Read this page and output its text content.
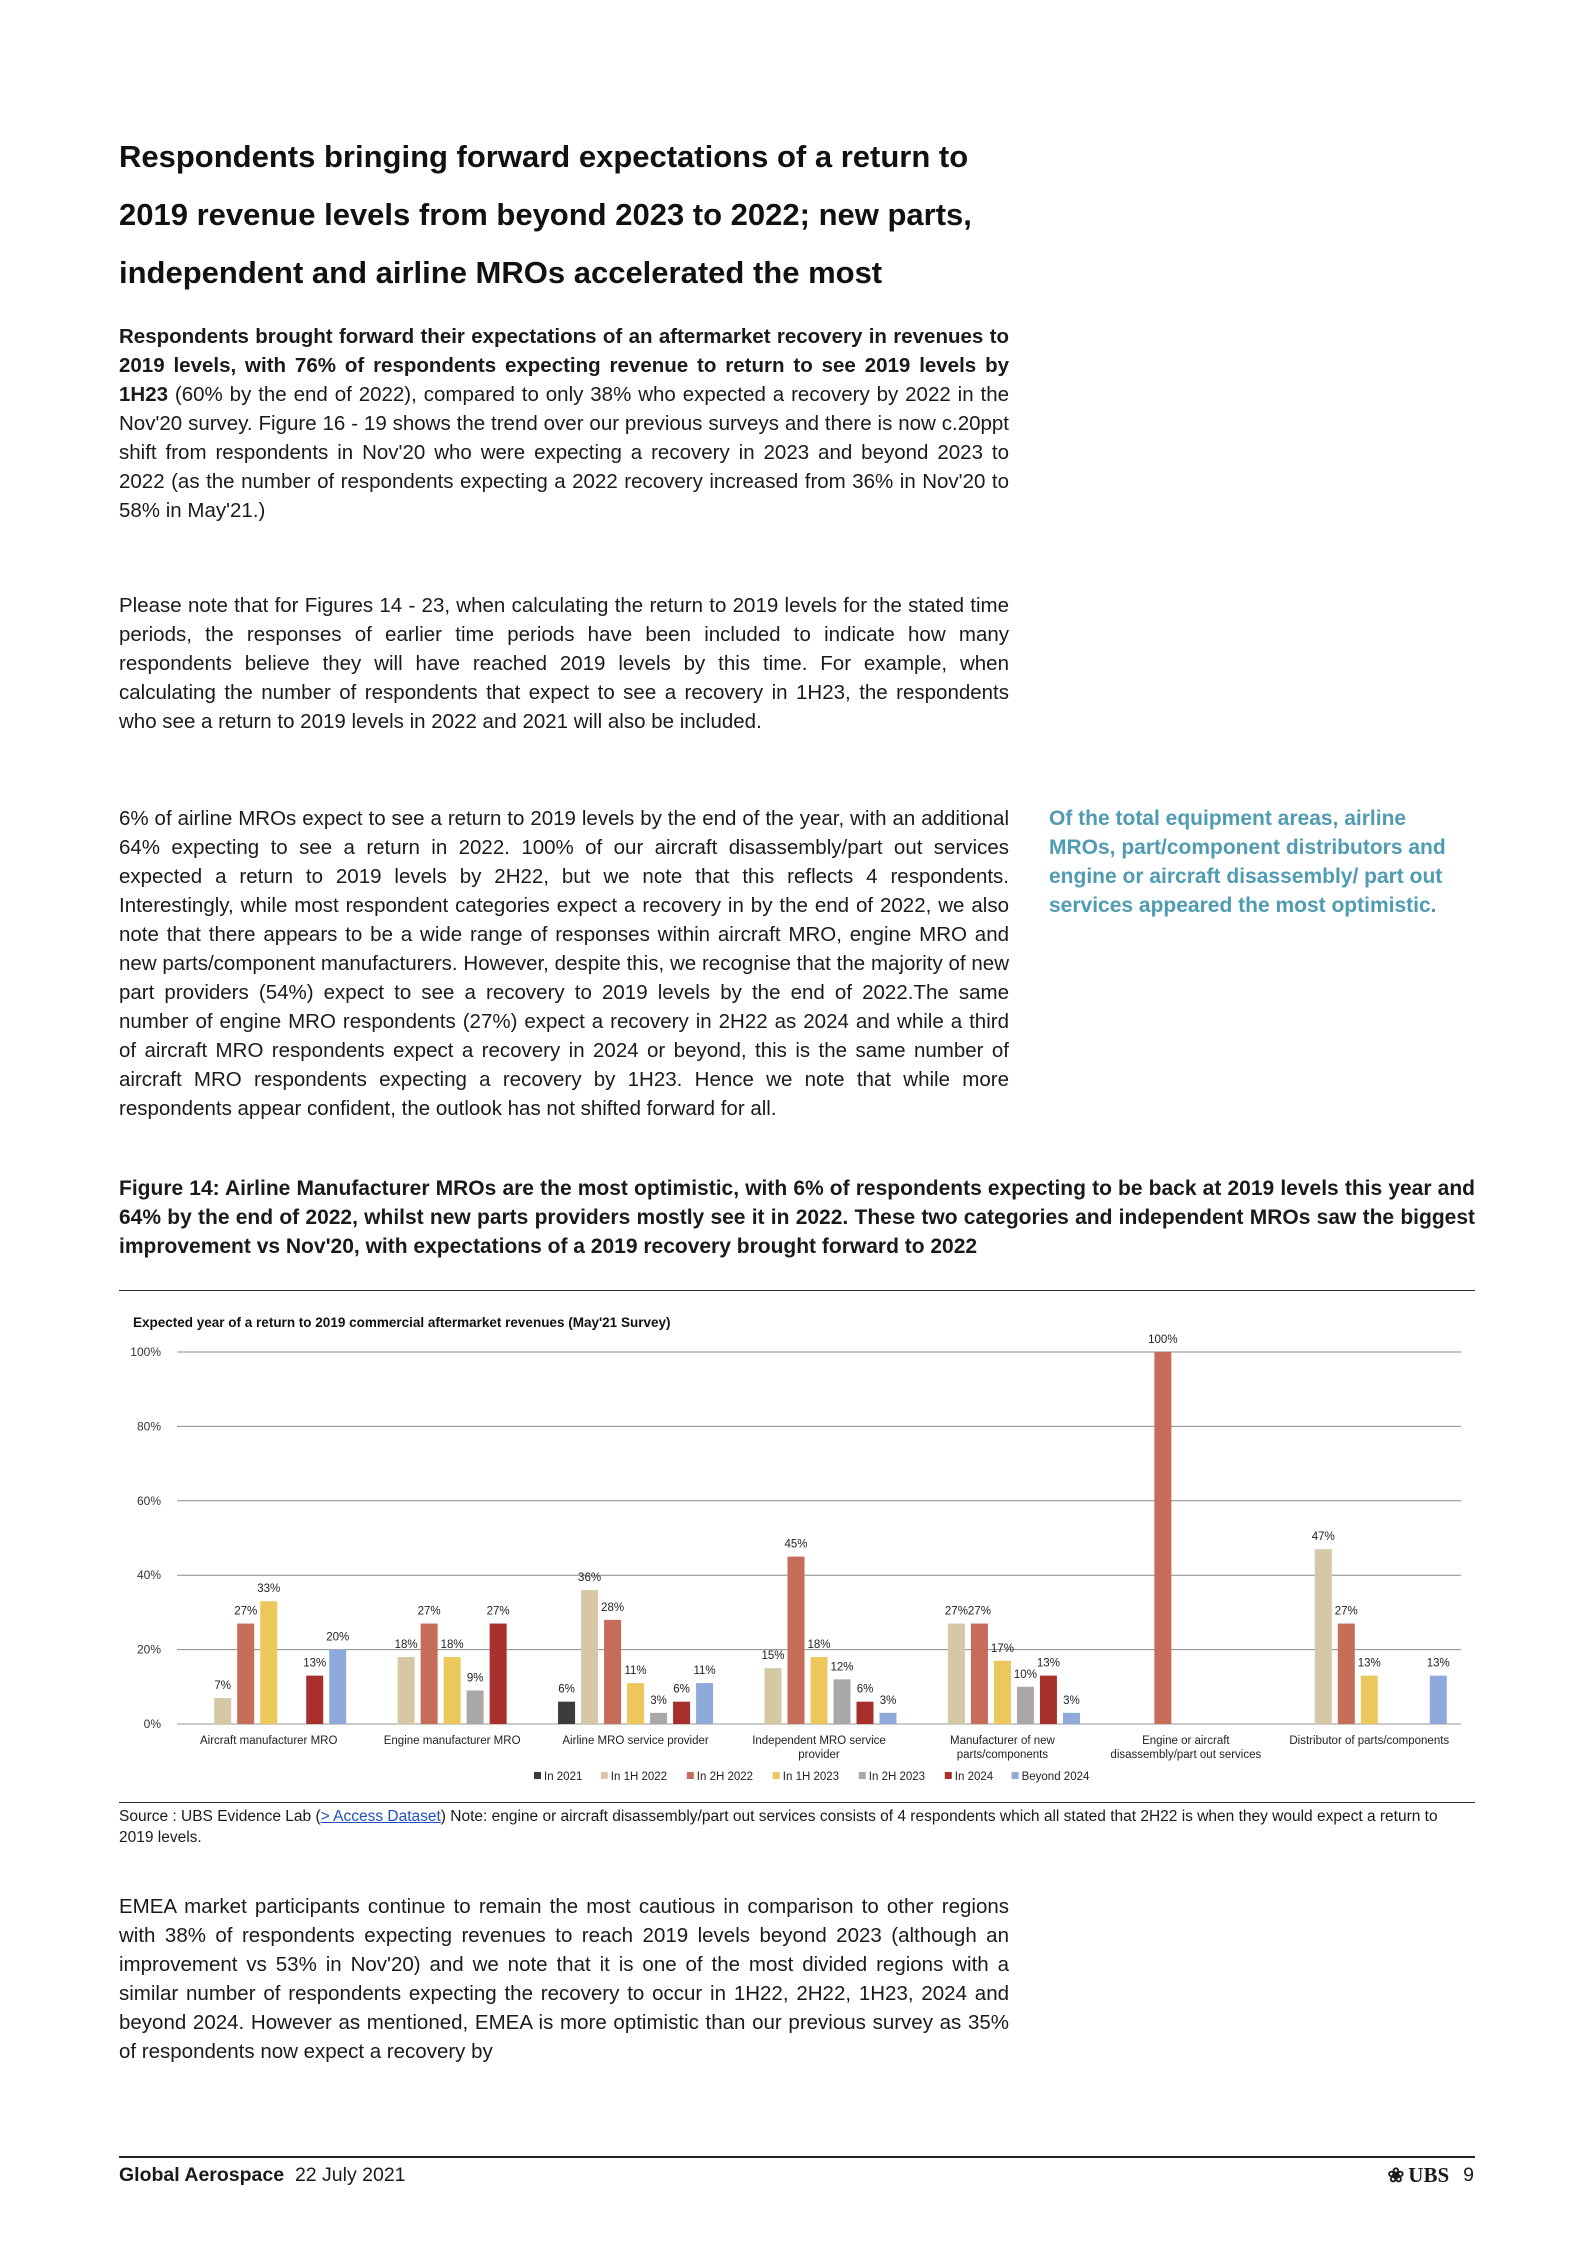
Respondents bringing forward expectations of a return to 2019 revenue levels from beyond 2023 to 2022; new parts, independent and airline MROs accelerated the most

Respondents brought forward their expectations of an aftermarket recovery in revenues to 2019 levels, with 76% of respondents expecting revenue to return to see 2019 levels by 1H23 (60% by the end of 2022), compared to only 38% who expected a recovery by 2022 in the Nov'20 survey. Figure 16 - 19 shows the trend over our previous surveys and there is now c.20ppt shift from respondents in Nov'20 who were expecting a recovery in 2023 and beyond 2023 to 2022 (as the number of respondents expecting a 2022 recovery increased from 36% in Nov'20 to 58% in May'21.)

Please note that for Figures 14 - 23, when calculating the return to 2019 levels for the stated time periods, the responses of earlier time periods have been included to indicate how many respondents believe they will have reached 2019 levels by this time. For example, when calculating the number of respondents that expect to see a recovery in 1H23, the respondents who see a return to 2019 levels in 2022 and 2021 will also be included.

6% of airline MROs expect to see a return to 2019 levels by the end of the year, with an additional 64% expecting to see a return in 2022. 100% of our aircraft disassembly/part out services expected a return to 2019 levels by 2H22, but we note that this reflects 4 respondents. Interestingly, while most respondent categories expect a recovery in by the end of 2022, we also note that there appears to be a wide range of responses within aircraft MRO, engine MRO and new parts/component manufacturers. However, despite this, we recognise that the majority of new part providers (54%) expect to see a recovery to 2019 levels by the end of 2022.The same number of engine MRO respondents (27%) expect a recovery in 2H22 as 2024 and while a third of aircraft MRO respondents expect a recovery in 2024 or beyond, this is the same number of aircraft MRO respondents expecting a recovery by 1H23. Hence we note that while more respondents appear confident, the outlook has not shifted forward for all.

Of the total equipment areas, airline MROs, part/component distributors and engine or aircraft disassembly/ part out services appeared the most optimistic.

Figure 14: Airline Manufacturer MROs are the most optimistic, with 6% of respondents expecting to be back at 2019 levels this year and 64% by the end of 2022, whilst new parts providers mostly see it in 2022. These two categories and independent MROs saw the biggest improvement vs Nov'20, with expectations of a 2019 recovery brought forward to 2022

Expected year of a return to 2019 commercial aftermarket revenues (May'21 Survey)
0%
20%
40%
60%
80%
100%
7%
27%
33%
13%
20%
Aircraft manufacturer MRO
18%
27%
18%
9%
27%
Engine manufacturer MRO
6%
36%
28%
11%
3%
6%
11%
Airline MRO service provider
15%
45%
18%
12%
6%
3%
Independent MRO service
provider
27% 27%
17%
10%
13%
3%
Manufacturer of new
parts/components
100%
Engine or aircraft
disassembly/part out services
47%
27%
13%	13%
Distributor of parts/components
In 2021 In 1H 2022	In 2H 2022	In 1H 2023	In 2H 2023	In 2024 Beyond 2024
Source : UBS Evidence Lab (> Access Dataset) Note: engine or aircraft disassembly/part out services consists of 4 respondents which all stated that 2H22 is when they would expect a return to 2019 levels.

EMEA market participants continue to remain the most cautious in comparison to other regions with 38% of respondents expecting revenues to reach 2019 levels beyond 2023 (although an improvement vs 53% in Nov'20) and we note that it is one of the most divided regions with a similar number of respondents expecting the recovery to occur in 1H22, 2H22, 1H23, 2024 and beyond 2024. However as mentioned, EMEA is more optimistic than our previous survey as 35% of respondents now expect a recovery by

Global Aerospace 22 July 2021	❀ UBS 9
